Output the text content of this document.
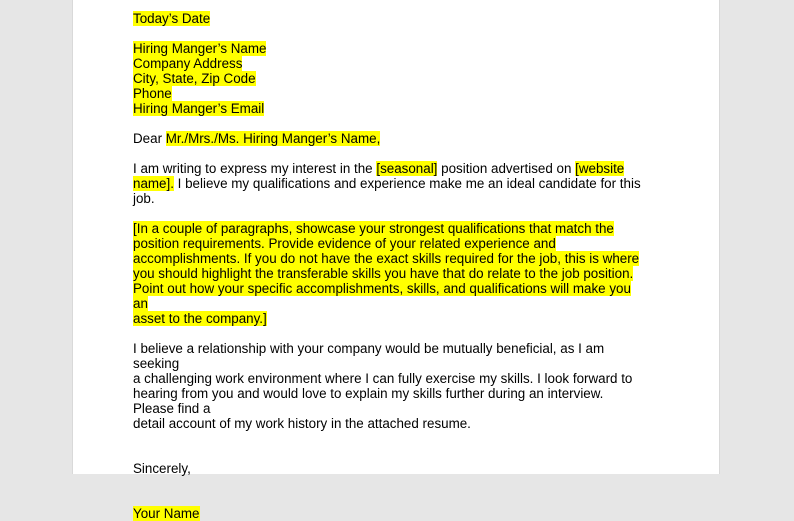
Today’s Date

Hiring Manger’s Name

Company Address

City, State, Zip Code

Phone

Hiring Manger’s Email

Dear Mr./Mrs./Ms. Hiring Manger’s Name,

I am writing to express my interest in the [seasonal] position advertised on [website

name]. I believe my qualifications and experience make me an ideal candidate for this

job.

[In a couple of paragraphs, showcase your strongest qualifications that match the

position requirements. Provide evidence of your related experience and

accomplishments. If you do not have the exact skills required for the job, this is where

you should highlight the transferable skills you have that do relate to the job position.

Point out how your specific accomplishments, skills, and qualifications will make you an

asset to the company.]

I believe a relationship with your company would be mutually beneficial, as I am seeking

a challenging work environment where I can fully exercise my skills. I look forward to

hearing from you and would love to explain my skills further during an interview. Please find a

detail account of my work history in the attached resume.

Sincerely,

Your Name
